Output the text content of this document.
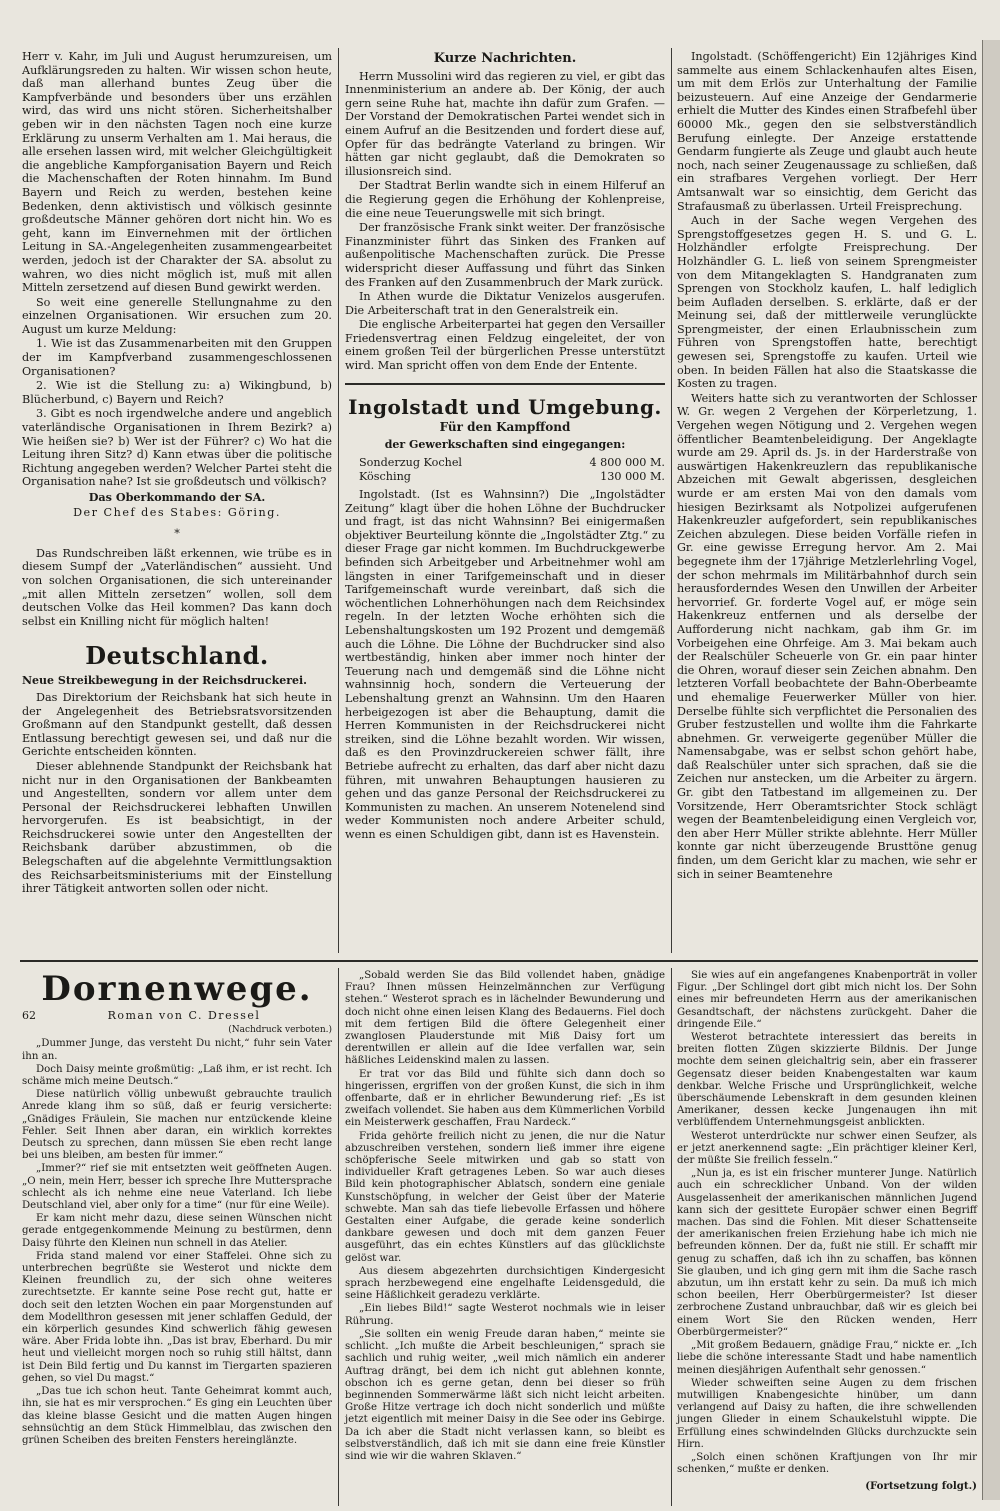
Herr v. Kahr, im Juli und August herumzureisen, um Aufklärungsreden zu halten. Wir wissen schon heute, daß man allerhand buntes Zeug über die Kampfverbände und besonders über uns erzählen wird, das wird uns nicht stören. Sicherheitshalber geben wir in den nächsten Tagen noch eine kurze Erklärung zu unserm Verhalten am 1. Mai heraus, die alle ersehen lassen wird, mit welcher Gleichgültigkeit die angebliche Kampforganisation Bayern und Reich die Machenschaften der Roten hinnahm. Im Bund Bayern und Reich zu werden, bestehen keine Bedenken, denn aktivistisch und völkisch gesinnte großdeutsche Männer gehören dort nicht hin. Wo es geht, kann im Einvernehmen mit der örtlichen Leitung in SA.-Angelegenheiten zusammengearbeitet werden, jedoch ist der Charakter der SA. absolut zu wahren, wo dies nicht möglich ist, muß mit allen Mitteln zersetzend auf diesen Bund gewirkt werden.

So weit eine generelle Stellungnahme zu den einzelnen Organisationen. Wir ersuchen zum 20. August um kurze Meldung:

1. Wie ist das Zusammenarbeiten mit den Gruppen der im Kampfverband zusammengeschlossenen Organisationen?

2. Wie ist die Stellung zu: a) Wikingbund, b) Blücherbund, c) Bayern und Reich?

3. Gibt es noch irgendwelche andere und angeblich vaterländische Organisationen in Ihrem Bezirk? a) Wie heißen sie? b) Wer ist der Führer? c) Wo hat die Leitung ihren Sitz? d) Kann etwas über die politische Richtung angegeben werden? Welcher Partei steht die Organisation nahe? Ist sie großdeutsch und völkisch?

Das Oberkommando der SA.

Der Chef des Stabes: Göring.

*

Das Rundschreiben läßt erkennen, wie trübe es in diesem Sumpf der „Vaterländischen“ aussieht. Und von solchen Organisationen, die sich untereinander „mit allen Mitteln zersetzen“ wollen, soll dem deutschen Volke das Heil kommen? Das kann doch selbst ein Knilling nicht für möglich halten!

Deutschland.
Neue Streikbewegung in der Reichsdruckerei.

Das Direktorium der Reichsbank hat sich heute in der Angelegenheit des Betriebsratsvorsitzenden Großmann auf den Standpunkt gestellt, daß dessen Entlassung berechtigt gewesen sei, und daß nur die Gerichte entscheiden könnten.

Dieser ablehnende Standpunkt der Reichsbank hat nicht nur in den Organisationen der Bankbeamten und Angestellten, sondern vor allem unter dem Personal der Reichsdruckerei lebhaften Unwillen hervorgerufen. Es ist beabsichtigt, in der Reichsdruckerei sowie unter den Angestellten der Reichsbank darüber abzustimmen, ob die Belegschaften auf die abgelehnte Vermittlungsaktion des Reichsarbeitsministeriums mit der Einstellung ihrer Tätigkeit antworten sollen oder nicht.

Kurze Nachrichten.

Herrn Mussolini wird das regieren zu viel, er gibt das Innenministerium an andere ab. Der König, der auch gern seine Ruhe hat, machte ihn dafür zum Grafen. — Der Vorstand der Demokratischen Partei wendet sich in einem Aufruf an die Besitzenden und fordert diese auf, Opfer für das bedrängte Vaterland zu bringen. Wir hätten gar nicht geglaubt, daß die Demokraten so illusionsreich sind.

Der Stadtrat Berlin wandte sich in einem Hilferuf an die Regierung gegen die Erhöhung der Kohlenpreise, die eine neue Teuerungswelle mit sich bringt.

Der französische Frank sinkt weiter. Der französische Finanzminister führt das Sinken des Franken auf außenpolitische Machenschaften zurück. Die Presse widerspricht dieser Auffassung und führt das Sinken des Franken auf den Zusammenbruch der Mark zurück.

In Athen wurde die Diktatur Venizelos ausgerufen. Die Arbeiterschaft trat in den Generalstreik ein.

Die englische Arbeiterpartei hat gegen den Versailler Friedensvertrag einen Feldzug eingeleitet, der von einem großen Teil der bürgerlichen Presse unterstützt wird. Man spricht offen von dem Ende der Entente.

Ingolstadt und Umgebung.
Für den Kampffond
der Gewerkschaften sind eingegangen:

Sonderzug Kochel	4 800 000 M.

Kösching	130 000 M.

Ingolstadt. (Ist es Wahnsinn?) Die „Ingolstädter Zeitung“ klagt über die hohen Löhne der Buchdrucker und fragt, ist das nicht Wahnsinn? Bei einigermaßen objektiver Beurteilung könnte die „Ingolstädter Ztg.“ zu dieser Frage gar nicht kommen. Im Buchdruckgewerbe befinden sich Arbeitgeber und Arbeitnehmer wohl am längsten in einer Tarifgemeinschaft und in dieser Tarifgemeinschaft wurde vereinbart, daß sich die wöchentlichen Lohnerhöhungen nach dem Reichsindex regeln. In der letzten Woche erhöhten sich die Lebenshaltungskosten um 192 Prozent und demgemäß auch die Löhne. Die Löhne der Buchdrucker sind also wertbeständig, hinken aber immer noch hinter der Teuerung nach und demgemäß sind die Löhne nicht wahnsinnig hoch, sondern die Verteuerung der Lebenshaltung grenzt an Wahnsinn. Um den Haaren herbeigezogen ist aber die Behauptung, damit die Herren Kommunisten in der Reichsdruckerei nicht streiken, sind die Löhne bezahlt worden. Wir wissen, daß es den Provinzdruckereien schwer fällt, ihre Betriebe aufrecht zu erhalten, das darf aber nicht dazu führen, mit unwahren Behauptungen hausieren zu gehen und das ganze Personal der Reichsdruckerei zu Kommunisten zu machen. An unserem Notenelend sind weder Kommunisten noch andere Arbeiter schuld, wenn es einen Schuldigen gibt, dann ist es Havenstein.

Ingolstadt. (Schöffengericht) Ein 12jähriges Kind sammelte aus einem Schlackenhaufen altes Eisen, um mit dem Erlös zur Unterhaltung der Familie beizusteuern. Auf eine Anzeige der Gendarmerie erhielt die Mutter des Kindes einen Strafbefehl über 60000 Mk., gegen den sie selbstverständlich Berufung einlegte. Der Anzeige erstattende Gendarm fungierte als Zeuge und glaubt auch heute noch, nach seiner Zeugenaussage zu schließen, daß ein strafbares Vergehen vorliegt. Der Herr Amtsanwalt war so einsichtig, dem Gericht das Strafausmaß zu überlassen. Urteil Freisprechung.

Auch in der Sache wegen Vergehen des Sprengstoffgesetzes gegen H. S. und G. L. Holzhändler erfolgte Freisprechung. Der Holzhändler G. L. ließ von seinem Sprengmeister von dem Mitangeklagten S. Handgranaten zum Sprengen von Stockholz kaufen, L. half lediglich beim Aufladen derselben. S. erklärte, daß er der Meinung sei, daß der mittlerweile verunglückte Sprengmeister, der einen Erlaubnisschein zum Führen von Sprengstoffen hatte, berechtigt gewesen sei, Sprengstoffe zu kaufen. Urteil wie oben. In beiden Fällen hat also die Staatskasse die Kosten zu tragen.

Weiters hatte sich zu verantworten der Schlosser W. Gr. wegen 2 Vergehen der Körperletzung, 1. Vergehen wegen Nötigung und 2. Vergehen wegen öffentlicher Beamtenbeleidigung. Der Angeklagte wurde am 29. April ds. Js. in der Harderstraße von auswärtigen Hakenkreuzlern das republikanische Abzeichen mit Gewalt abgerissen, desgleichen wurde er am ersten Mai von den damals vom hiesigen Bezirksamt als Notpolizei aufgerufenen Hakenkreuzler aufgefordert, sein republikanisches Zeichen abzulegen. Diese beiden Vorfälle riefen in Gr. eine gewisse Erregung hervor. Am 2. Mai begegnete ihm der 17jährige Metzlerlehrling Vogel, der schon mehrmals im Militärbahnhof durch sein herausforderndes Wesen den Unwillen der Arbeiter hervorrief. Gr. forderte Vogel auf, er möge sein Hakenkreuz entfernen und als derselbe der Aufforderung nicht nachkam, gab ihm Gr. im Vorbeigehen eine Ohrfeige. Am 3. Mai bekam auch der Realschüler Scheuerle von Gr. ein paar hinter die Ohren, worauf dieser sein Zeichen abnahm. Den letzteren Vorfall beobachtete der Bahn-Oberbeamte und ehemalige Feuerwerker Müller von hier. Derselbe fühlte sich verpflichtet die Personalien des Gruber festzustellen und wollte ihm die Fahrkarte abnehmen. Gr. verweigerte gegenüber Müller die Namensabgabe, was er selbst schon gehört habe, daß Realschüler unter sich sprachen, daß sie die Zeichen nur anstecken, um die Arbeiter zu ärgern. Gr. gibt den Tatbestand im allgemeinen zu. Der Vorsitzende, Herr Oberamtsrichter Stock schlägt wegen der Beamtenbeleidigung einen Vergleich vor, den aber Herr Müller strikte ablehnte. Herr Müller konnte gar nicht überzeugende Brusttöne genug finden, um dem Gericht klar zu machen, wie sehr er sich in seiner Beamtenehre

Dornenwege.
62	Roman von C. Dressel
(Nachdruck verboten.)

„Dummer Junge, das versteht Du nicht,“ fuhr sein Vater ihn an.

Doch Daisy meinte großmütig: „Laß ihm, er ist recht. Ich schäme mich meine Deutsch.“

Diese natürlich völlig unbewußt gebrauchte traulich Anrede klang ihm so süß, daß er feurig versicherte: „Gnädiges Fräulein, Sie machen nur entzückende kleine Fehler. Seit Ihnen aber daran, ein wirklich korrektes Deutsch zu sprechen, dann müssen Sie eben recht lange bei uns bleiben, am besten für immer.“

„Immer?“ rief sie mit entsetzten weit geöffneten Augen. „O nein, mein Herr, besser ich spreche Ihre Muttersprache schlecht als ich nehme eine neue Vaterland. Ich liebe Deutschland viel, aber only for a time“ (nur für eine Weile).

Er kam nicht mehr dazu, diese seinen Wünschen nicht gerade entgegenkommende Meinung zu bestürmen, denn Daisy führte den Kleinen nun schnell in das Atelier.

Frida stand malend vor einer Staffelei. Ohne sich zu unterbrechen begrüßte sie Westerot und nickte dem Kleinen freundlich zu, der sich ohne weiteres zurechtsetzte. Er kannte seine Pose recht gut, hatte er doch seit den letzten Wochen ein paar Morgenstunden auf dem Modellthron gesessen mit jener schlaffen Geduld, der ein körperlich gesundes Kind schwerlich fähig gewesen wäre. Aber Frida lobte ihn. „Das ist brav, Eberhard. Du mir heut und vielleicht morgen noch so ruhig still hältst, dann ist Dein Bild fertig und Du kannst im Tiergarten spazieren gehen, so viel Du magst.“

„Das tue ich schon heut. Tante Geheimrat kommt auch, ihn, sie hat es mir versprochen.“ Es ging ein Leuchten über das kleine blasse Gesicht und die matten Augen hingen sehnsüchtig an dem Stück Himmelblau, das zwischen den grünen Scheiben des breiten Fensters hereinglänzte.

„Sobald werden Sie das Bild vollendet haben, gnädige Frau? Ihnen müssen Heinzelmännchen zur Verfügung stehen.“ Westerot sprach es in lächelnder Bewunderung und doch nicht ohne einen leisen Klang des Bedauerns. Fiel doch mit dem fertigen Bild die öftere Gelegenheit einer zwanglosen Plauderstunde mit Miß Daisy fort um derentwillen er allein auf die Idee verfallen war, sein häßliches Leidenskind malen zu lassen.

Er trat vor das Bild und fühlte sich dann doch so hingerissen, ergriffen von der großen Kunst, die sich in ihm offenbarte, daß er in ehrlicher Bewunderung rief: „Es ist zweifach vollendet. Sie haben aus dem Kümmerlichen Vorbild ein Meisterwerk geschaffen, Frau Nardeck.“

Frida gehörte freilich nicht zu jenen, die nur die Natur abzuschreiben verstehen, sondern ließ immer ihre eigene schöpferische Seele mitwirken und gab so statt von individueller Kraft getragenes Leben. So war auch dieses Bild kein photographischer Ablatsch, sondern eine geniale Kunstschöpfung, in welcher der Geist über der Materie schwebte. Man sah das tiefe liebevolle Erfassen und höhere Gestalten einer Aufgabe, die gerade keine sonderlich dankbare gewesen und doch mit dem ganzen Feuer ausgeführt, das ein echtes Künstlers auf das glücklichste gelöst war.

Aus diesem abgezehrten durchsichtigen Kindergesicht sprach herzbewegend eine engelhafte Leidensgeduld, die seine Häßlichkeit geradezu verklärte.

„Ein liebes Bild!“ sagte Westerot nochmals wie in leiser Rührung.

„Sie sollten ein wenig Freude daran haben,“ meinte sie schlicht. „Ich mußte die Arbeit beschleunigen,“ sprach sie sachlich und ruhig weiter, „weil mich nämlich ein anderer Auftrag drängt, bei dem ich nicht gut ablehnen konnte, obschon ich es gerne getan, denn bei dieser so früh beginnenden Sommerwärme läßt sich nicht leicht arbeiten. Große Hitze vertrage ich doch nicht sonderlich und müßte jetzt eigentlich mit meiner Daisy in die See oder ins Gebirge. Da ich aber die Stadt nicht verlassen kann, so bleibt es selbstverständlich, daß ich mit sie dann eine freie Künstler sind wie wir die wahren Sklaven.“

Sie wies auf ein angefangenes Knabenporträt in voller Figur. „Der Schlingel dort gibt mich nicht los. Der Sohn eines mir befreundeten Herrn aus der amerikanischen Gesandtschaft, der nächstens zurückgeht. Daher die dringende Eile.“

Westerot betrachtete interessiert das bereits in breiten flotten Zügen skizzierte Bildnis. Der Junge mochte dem seinen gleichaltrig sein, aber ein frasserer Gegensatz dieser beiden Knabengestalten war kaum denkbar. Welche Frische und Ursprünglichkeit, welche überschäumende Lebenskraft in dem gesunden kleinen Amerikaner, dessen kecke Jungenaugen ihn mit verblüffendem Unternehmungsgeist anblickten.

Westerot unterdrückte nur schwer einen Seufzer, als er jetzt anerkennend sagte: „Ein prächtiger kleiner Kerl, der müßte Sie freilich fesseln.“

„Nun ja, es ist ein frischer munterer Junge. Natürlich auch ein schrecklicher Unband. Von der wilden Ausgelassenheit der amerikanischen männlichen Jugend kann sich der gesittete Europäer schwer einen Begriff machen. Das sind die Fohlen. Mit dieser Schattenseite der amerikanischen freien Erziehung habe ich mich nie befreunden können. Der da, fußt nie still. Er schafft mir genug zu schaffen, daß ich ihn zu schaffen, bas können Sie glauben, und ich ging gern mit ihm die Sache rasch abzutun, um ihn erstatt kehr zu sein. Da muß ich mich schon beeilen, Herr Oberbürgermeister? Ist dieser zerbrochene Zustand unbrauchbar, daß wir es gleich bei einem Wort Sie den Rücken wenden, Herr Oberbürgermeister?“

„Mit großem Bedauern, gnädige Frau,“ nickte er. „Ich liebe die schöne interessante Stadt und habe namentlich meinen diesjährigen Aufenthalt sehr genossen.“

Wieder schweiften seine Augen zu dem frischen mutwilligen Knabengesichte hinüber, um dann verlangend auf Daisy zu haften, die ihre schwellenden jungen Glieder in einem Schaukelstuhl wippte. Die Erfüllung eines schwindelnden Glücks durchzuckte sein Hirn.

„Solch einen schönen Kraftjungen von Ihr mir schenken,“ mußte er denken.

(Fortsetzung folgt.)
